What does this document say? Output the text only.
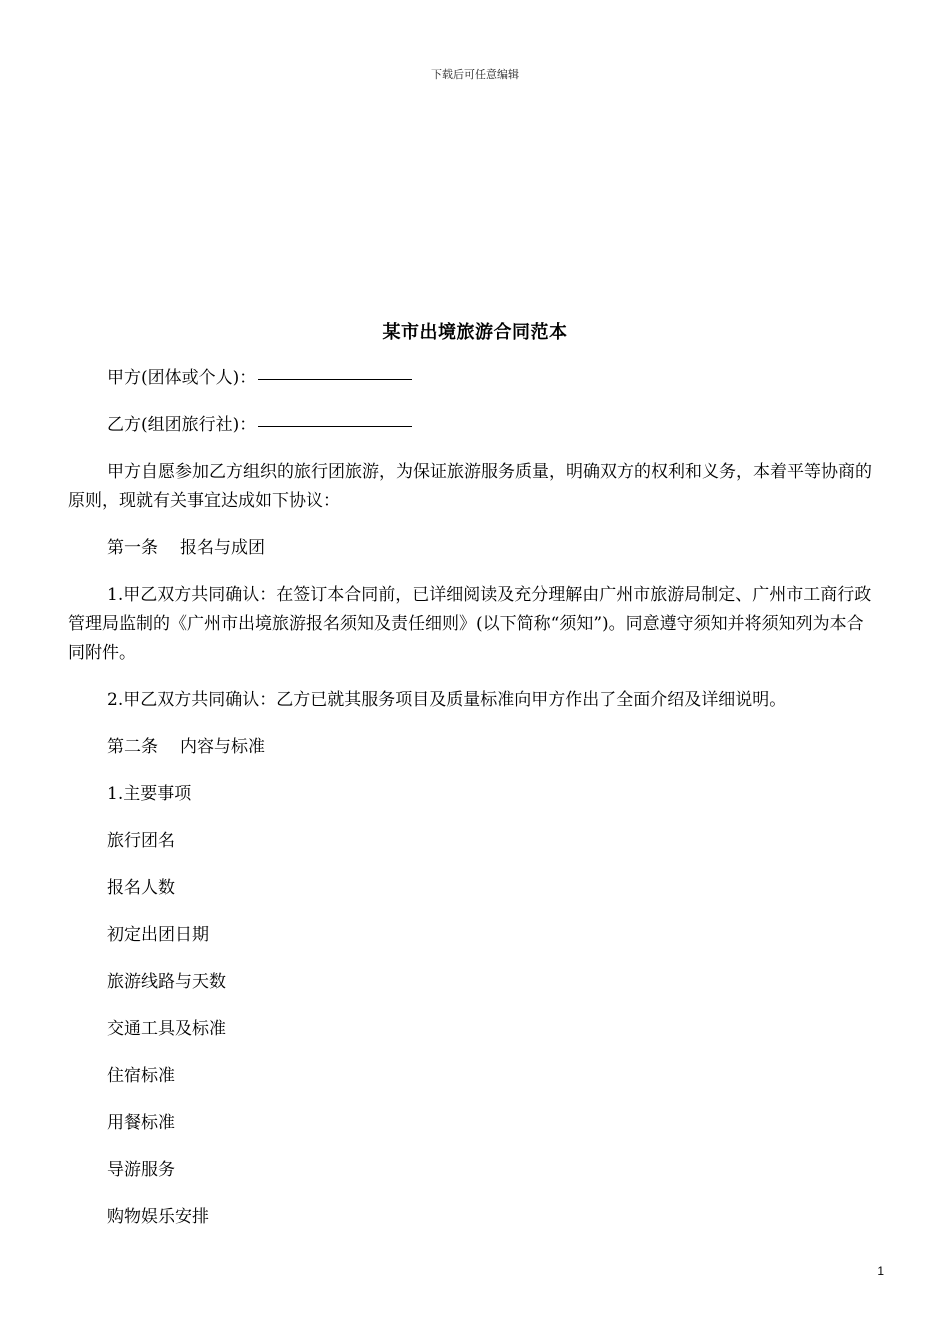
下载后可任意编辑
某市出境旅游合同范本

甲方(团体或个人)：

乙方(组团旅行社)：

甲方自愿参加乙方组织的旅行团旅游，为保证旅游服务质量，明确双方的权利和义务，本着平等协商的原则，现就有关事宜达成如下协议：

第一条 报名与成团

1.甲乙双方共同确认：在签订本合同前，已详细阅读及充分理解由广州市旅游局制定、广州市工商行政管理局监制的《广州市出境旅游报名须知及责任细则》(以下简称“须知”)。同意遵守须知并将须知列为本合同附件。

2.甲乙双方共同确认：乙方已就其服务项目及质量标准向甲方作出了全面介绍及详细说明。

第二条 内容与标准

1.主要事项

旅行团名

报名人数

初定出团日期

旅游线路与天数

交通工具及标准

住宿标准

用餐标准

导游服务

购物娱乐安排

1
